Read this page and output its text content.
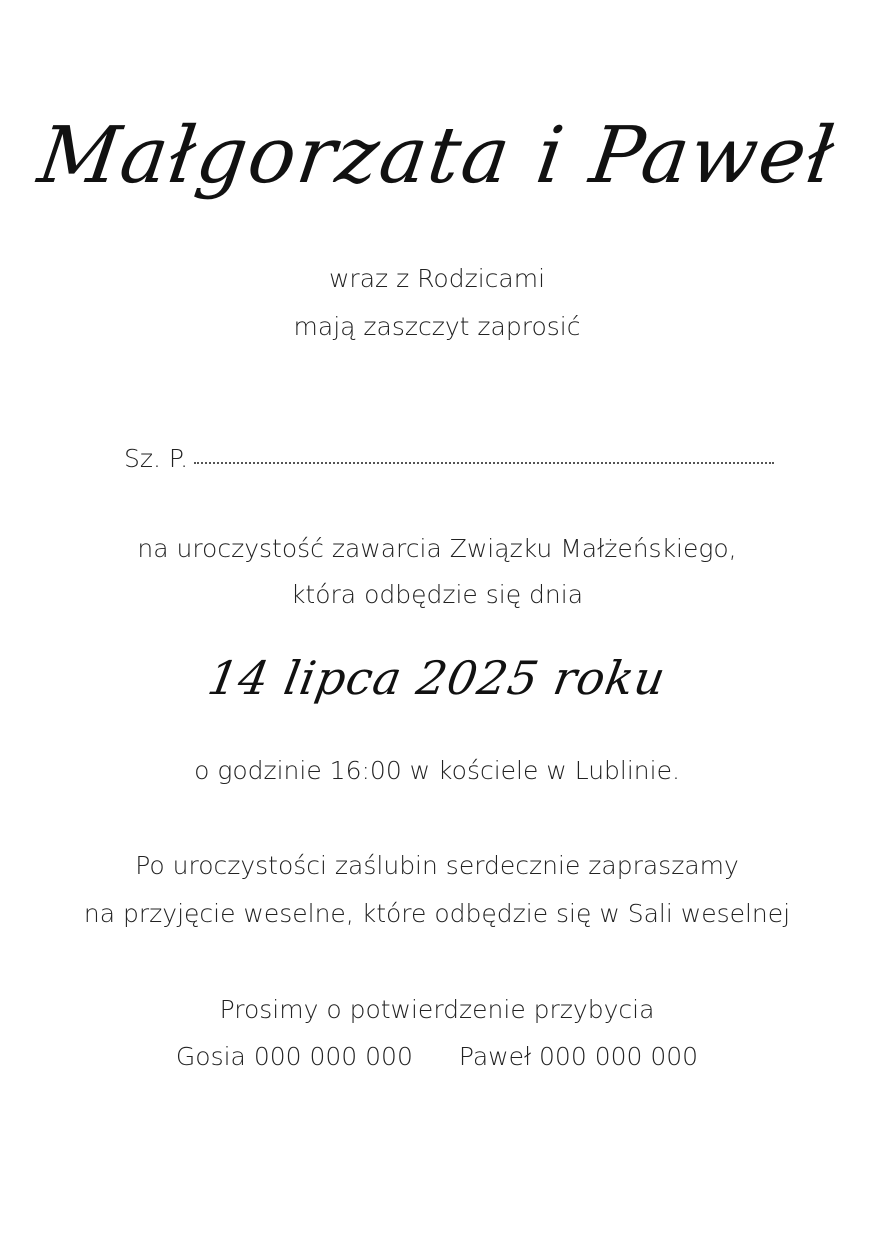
Małgorzata i Paweł
wraz z Rodzicami
mają zaszczyt zaprosić
Sz. P.
na uroczystość zawarcia Związku Małżeńskiego,
która odbędzie się dnia
14 lipca 2025 roku
o godzinie 16:00 w kościele w Lublinie.
Po uroczystości zaślubin serdecznie zapraszamy
na przyjęcie weselne, które odbędzie się w Sali weselnej
Prosimy o potwierdzenie przybycia
Gosia 000 000 000 Paweł 000 000 000
